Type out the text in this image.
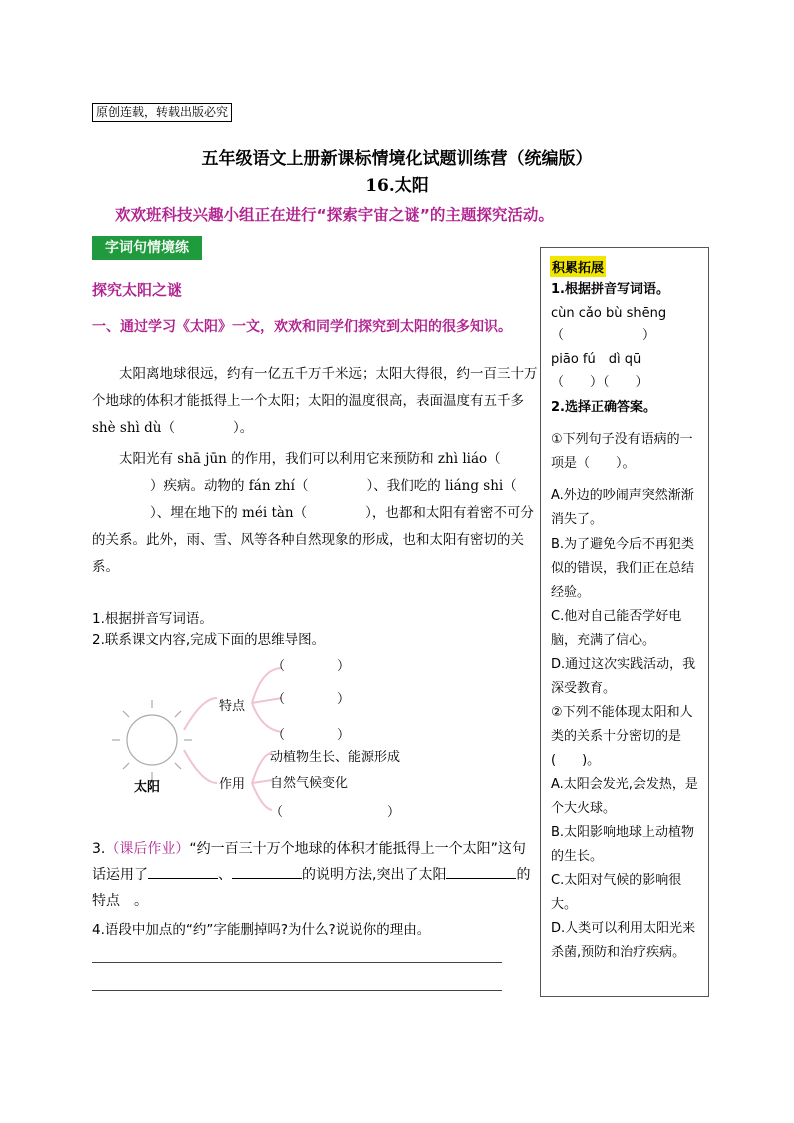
原创连载，转载出版必究
五年级语文上册新课标情境化试题训练营（统编版）
16.太阳
欢欢班科技兴趣小组正在进行“探索宇宙之谜”的主题探究活动。
字词句情境练
探究太阳之谜
一、通过学习《太阳》一文，欢欢和同学们探究到太阳的很多知识。
太阳离地球很远，约有一亿五千万千米远；太阳大得很，约一百三十万个地球的体积才能抵得上一个太阳；太阳的温度很高，表面温度有五千多 shè shì dù（	）。
太阳光有 shā jūn 的作用，我们可以利用它来预防和 zhì liáo（）疾病。动物的 fán zhí（	）、我们吃的 liáng shi（）、埋在地下的 méi tàn（	），也都和太阳有着密不可分的关系。此外，雨、雪、风等各种自然现象的形成，也和太阳有密切的关系。
1.根据拼音写词语。
2.联系课文内容,完成下面的思维导图。
太阳
特点
作用
（　　　　）
（　　　　）
（　　　　）
动植物生长、能源形成
自然气候变化
（　　　　　　　　）
3.（课后作业）“约一百三十万个地球的体积才能抵得上一个太阳”这句话运用了	、	的说明方法,突出了太阳	的特点　。
4.语段中加点的“约”字能删掉吗?为什么?说说你的理由。
积累拓展
1.根据拼音写词语。
cùn cǎo bù shēng
（　　　　　　）
piāo fú　dì qū
（　　）（　　）
2.选择正确答案。
①下列句子没有语病的一项是（　　）。
A.外边的吵闹声突然渐渐消失了。
B.为了避免今后不再犯类似的错误，我们正在总结经验。
C.他对自己能否学好电脑，充满了信心。
D.通过这次实践活动，我深受教育。
②下列不能体现太阳和人类的关系十分密切的是(　　)。
A.太阳会发光,会发热，是个大火球。
B.太阳影响地球上动植物的生长。
C.太阳对气候的影响很大。
D.人类可以利用太阳光来杀菌,预防和治疗疾病。
